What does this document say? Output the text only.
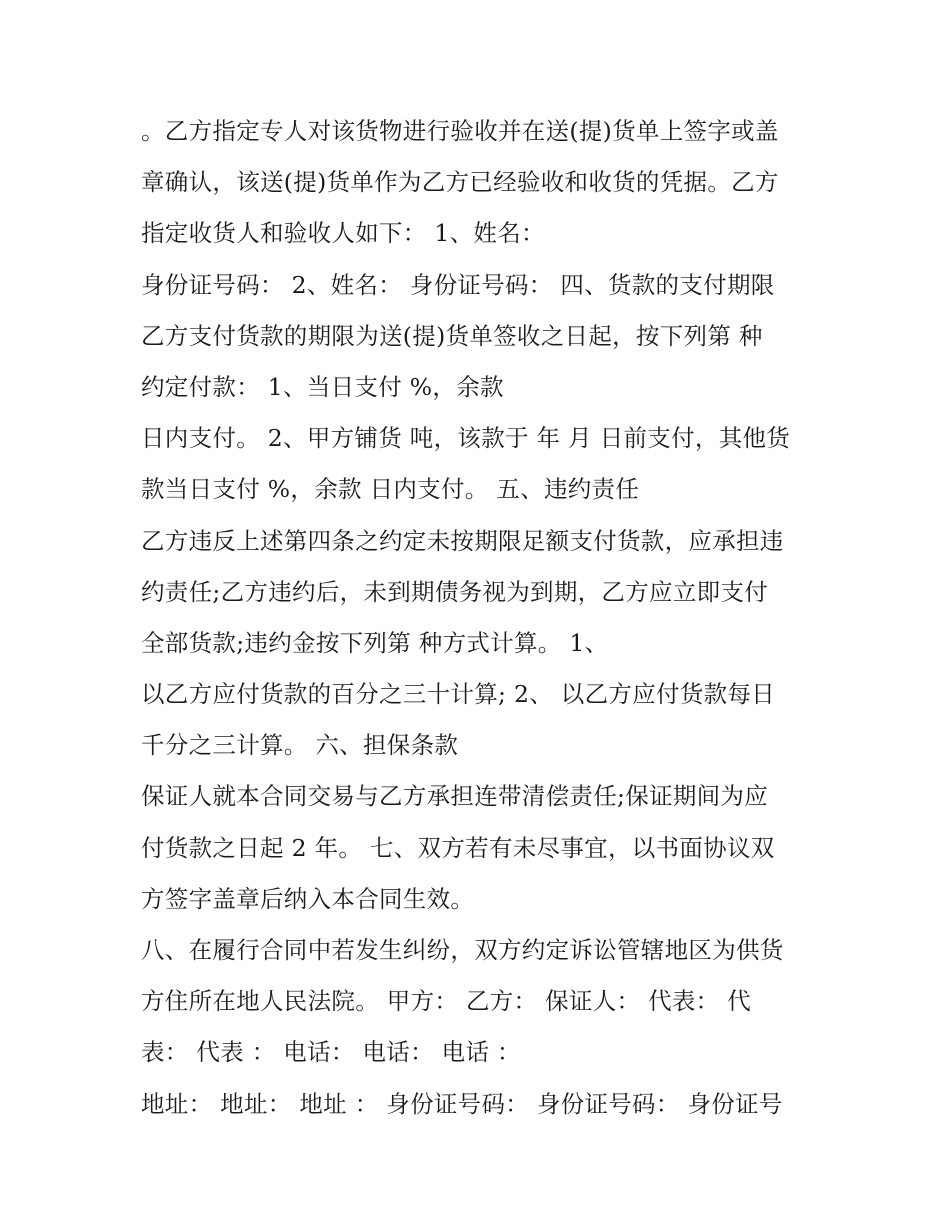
。乙方指定专人对该货物进行验收并在送(提)货单上签字或盖
章确认，该送(提)货单作为乙方已经验收和收货的凭据。乙方
指定收货人和验收人如下： 1、姓名：
身份证号码： 2、姓名： 身份证号码： 四、货款的支付期限
乙方支付货款的期限为送(提)货单签收之日起，按下列第 种
约定付款： 1、当日支付 %，余款
日内支付。 2、甲方铺货 吨，该款于 年 月 日前支付，其他货
款当日支付 %，余款 日内支付。 五、违约责任
乙方违反上述第四条之约定未按期限足额支付货款，应承担违
约责任;乙方违约后，未到期债务视为到期，乙方应立即支付
全部货款;违约金按下列第 种方式计算。 1、
以乙方应付货款的百分之三十计算; 2、 以乙方应付货款每日
千分之三计算。 六、担保条款
保证人就本合同交易与乙方承担连带清偿责任;保证期间为应
付货款之日起 2 年。 七、双方若有未尽事宜，以书面协议双
方签字盖章后纳入本合同生效。
八、在履行合同中若发生纠纷，双方约定诉讼管辖地区为供货
方住所在地人民法院。 甲方： 乙方： 保证人： 代表： 代
表： 代表 ： 电话： 电话： 电话 ：
地址： 地址： 地址 ： 身份证号码： 身份证号码： 身份证号
